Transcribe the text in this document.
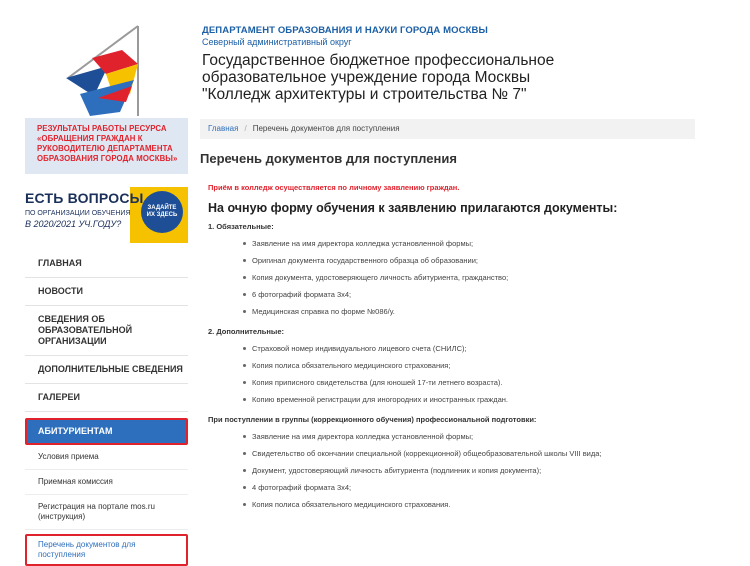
ДЕПАРТАМЕНТ ОБРАЗОВАНИЯ И НАУКИ ГОРОДА МОСКВЫ
Северный административный округ
Государственное бюджетное профессиональное образовательное учреждение города Москвы "Колледж архитектуры и строительства № 7"
РЕЗУЛЬТАТЫ РАБОТЫ РЕСУРСА
«ОБРАЩЕНИЯ ГРАЖДАН К
РУКОВОДИТЕЛЮ ДЕПАРТАМЕНТА
ОБРАЗОВАНИЯ ГОРОДА МОСКВЫ»
ЕСТЬ ВОПРОСЫ
ПО ОРГАНИЗАЦИИ ОБУЧЕНИЯ
В 2020/2021 УЧ.ГОДУ?
ЗАДАЙТЕ
ИХ ЗДЕСЬ
ГЛАВНАЯ
НОВОСТИ
СВЕДЕНИЯ ОБ ОБРАЗОВАТЕЛЬНОЙ ОРГАНИЗАЦИИ
ДОПОЛНИТЕЛЬНЫЕ СВЕДЕНИЯ
ГАЛЕРЕИ
АБИТУРИЕНТАМ
Условия приема
Приемная комиссия
Регистрация на портале mos.ru
(инструкция)
Перечень документов для
поступления
Главная / Перечень документов для поступления
Перечень документов для поступления
Приём в колледж осуществляется по личному заявлению граждан.
На очную форму обучения к заявлению прилагаются документы:
1. Обязательные:
Заявление на имя директора колледжа установленной формы;
Оригинал документа государственного образца об образовании;
Копия документа, удостоверяющего личность абитуриента, гражданство;
6 фотографий формата 3х4;
Медицинская справка по форме №086/у.
2. Дополнительные:
Страховой номер индивидуального лицевого счета (СНИЛС);
Копия полиса обязательного медицинского страхования;
Копия приписного свидетельства (для юношей 17-ти летнего возраста).
Копию временной регистрации для иногородних и иностранных граждан.
При поступлении в группы (коррекционного обучения) профессиональной подготовки:
Заявление на имя директора колледжа установленной формы;
Свидетельство об окончании специальной (коррекционной) общеобразовательной школы VIII вида;
Документ, удостоверяющий личность абитуриента (подлинник и копия документа);
4 фотографий формата 3х4;
Копия полиса обязательного медицинского страхования.
